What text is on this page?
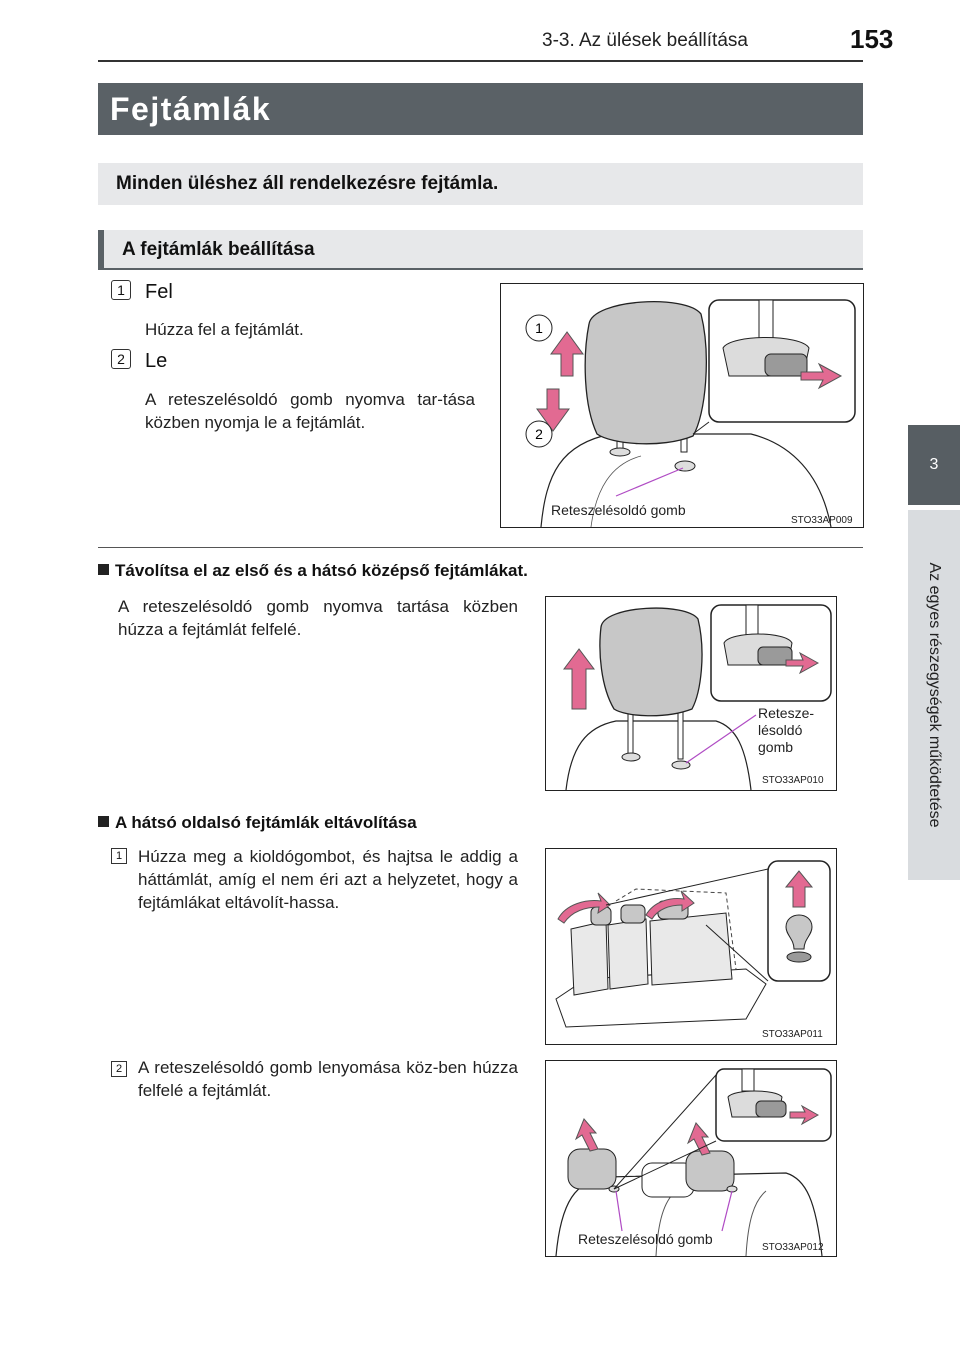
3-3. Az ülések beállítása	153
3
Az egyes részegységek működtetése
Fejtámlák
Minden üléshez áll rendelkezésre fejtámla.
A fejtámlák beállítása
1	Fel
Húzza fel a fejtámlát.
2	Le
A reteszelésoldó gomb nyomva tar-tása közben nyomja le a fejtámlát.
1
2
Reteszelésoldó gomb
STO33AP009
Távolítsa el az első és a hátsó középső fejtámlákat.
A reteszelésoldó gomb nyomva tartása közben húzza a fejtámlát felfelé.
Retesze-
lésoldó
gomb
STO33AP010
A hátsó oldalsó fejtámlák eltávolítása
1 Húzza meg a kioldógombot, és hajtsa le addig a háttámlát, amíg el nem éri azt a helyzetet, hogy a fejtámlákat eltávolít-hassa.
2 A reteszelésoldó gomb lenyomása köz-ben húzza felfelé a fejtámlát.
STO33AP011
Reteszelésoldó gomb
STO33AP012
